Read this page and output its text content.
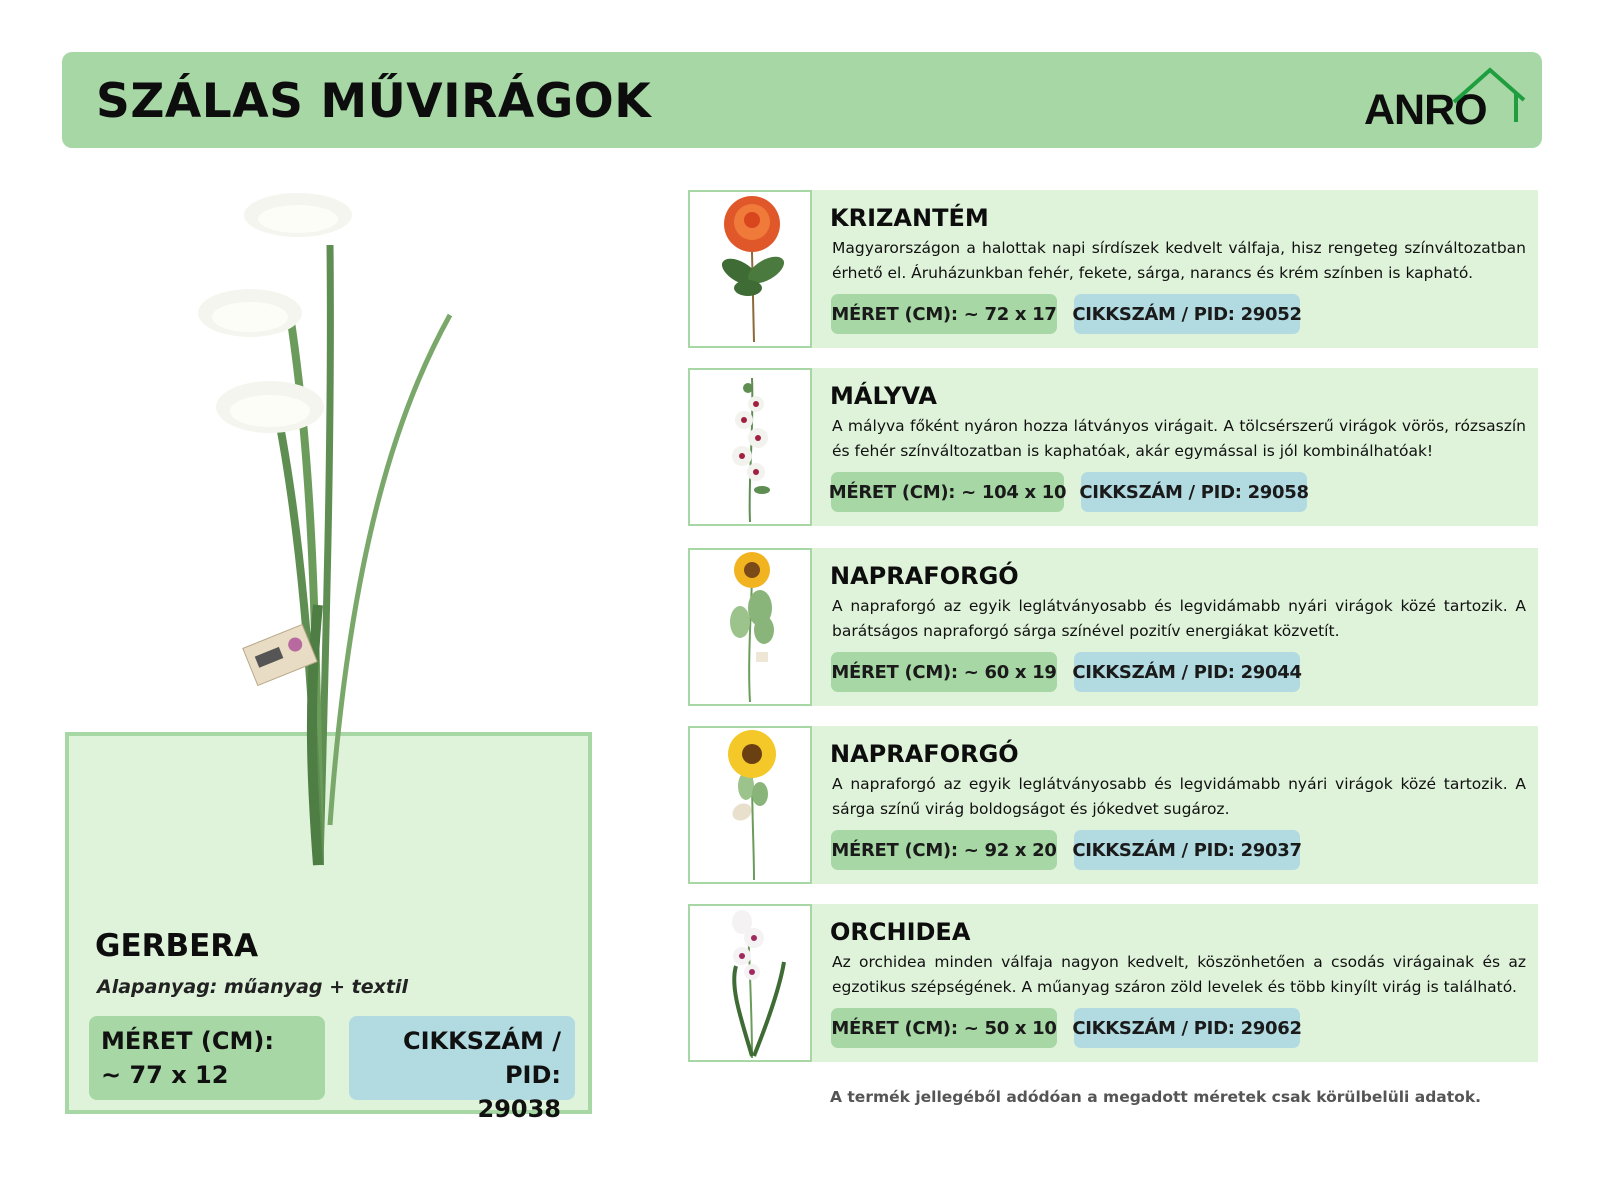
SZÁLAS MŰVIRÁGOK	ANRO
GERBERA
Alapanyag: műanyag + textil
MÉRET (CM):
~ 77 x 12
CIKKSZÁM / PID:
29038
KRIZANTÉM
Magyarországon a halottak napi sírdíszek kedvelt válfaja, hisz rengeteg színváltozatban érhető el. Áruházunkban fehér, fekete, sárga, narancs és krém színben is kapható.
MÉRET (CM): ~ 72 x 17 CIKKSZÁM / PID: 29052
MÁLYVA
A mályva főként nyáron hozza látványos virágait. A tölcsérszerű virágok vörös, rózsaszín és fehér színváltozatban is kaphatóak, akár egymással is jól kombinálhatóak!
MÉRET (CM): ~ 104 x 10 CIKKSZÁM / PID: 29058
NAPRAFORGÓ
A napraforgó az egyik leglátványosabb és legvidámabb nyári virágok közé tartozik. A barátságos napraforgó sárga színével pozitív energiákat közvetít.
MÉRET (CM): ~ 60 x 19 CIKKSZÁM / PID: 29044
NAPRAFORGÓ
A napraforgó az egyik leglátványosabb és legvidámabb nyári virágok közé tartozik. A sárga színű virág boldogságot és jókedvet sugároz.
MÉRET (CM): ~ 92 x 20 CIKKSZÁM / PID: 29037
ORCHIDEA
Az orchidea minden válfaja nagyon kedvelt, köszönhetően a csodás virágainak és az egzotikus szépségének. A műanyag száron zöld levelek és több kinyílt virág is található.
MÉRET (CM): ~ 50 x 10 CIKKSZÁM / PID: 29062
A termék jellegéből adódóan a megadott méretek csak körülbelüli adatok.
